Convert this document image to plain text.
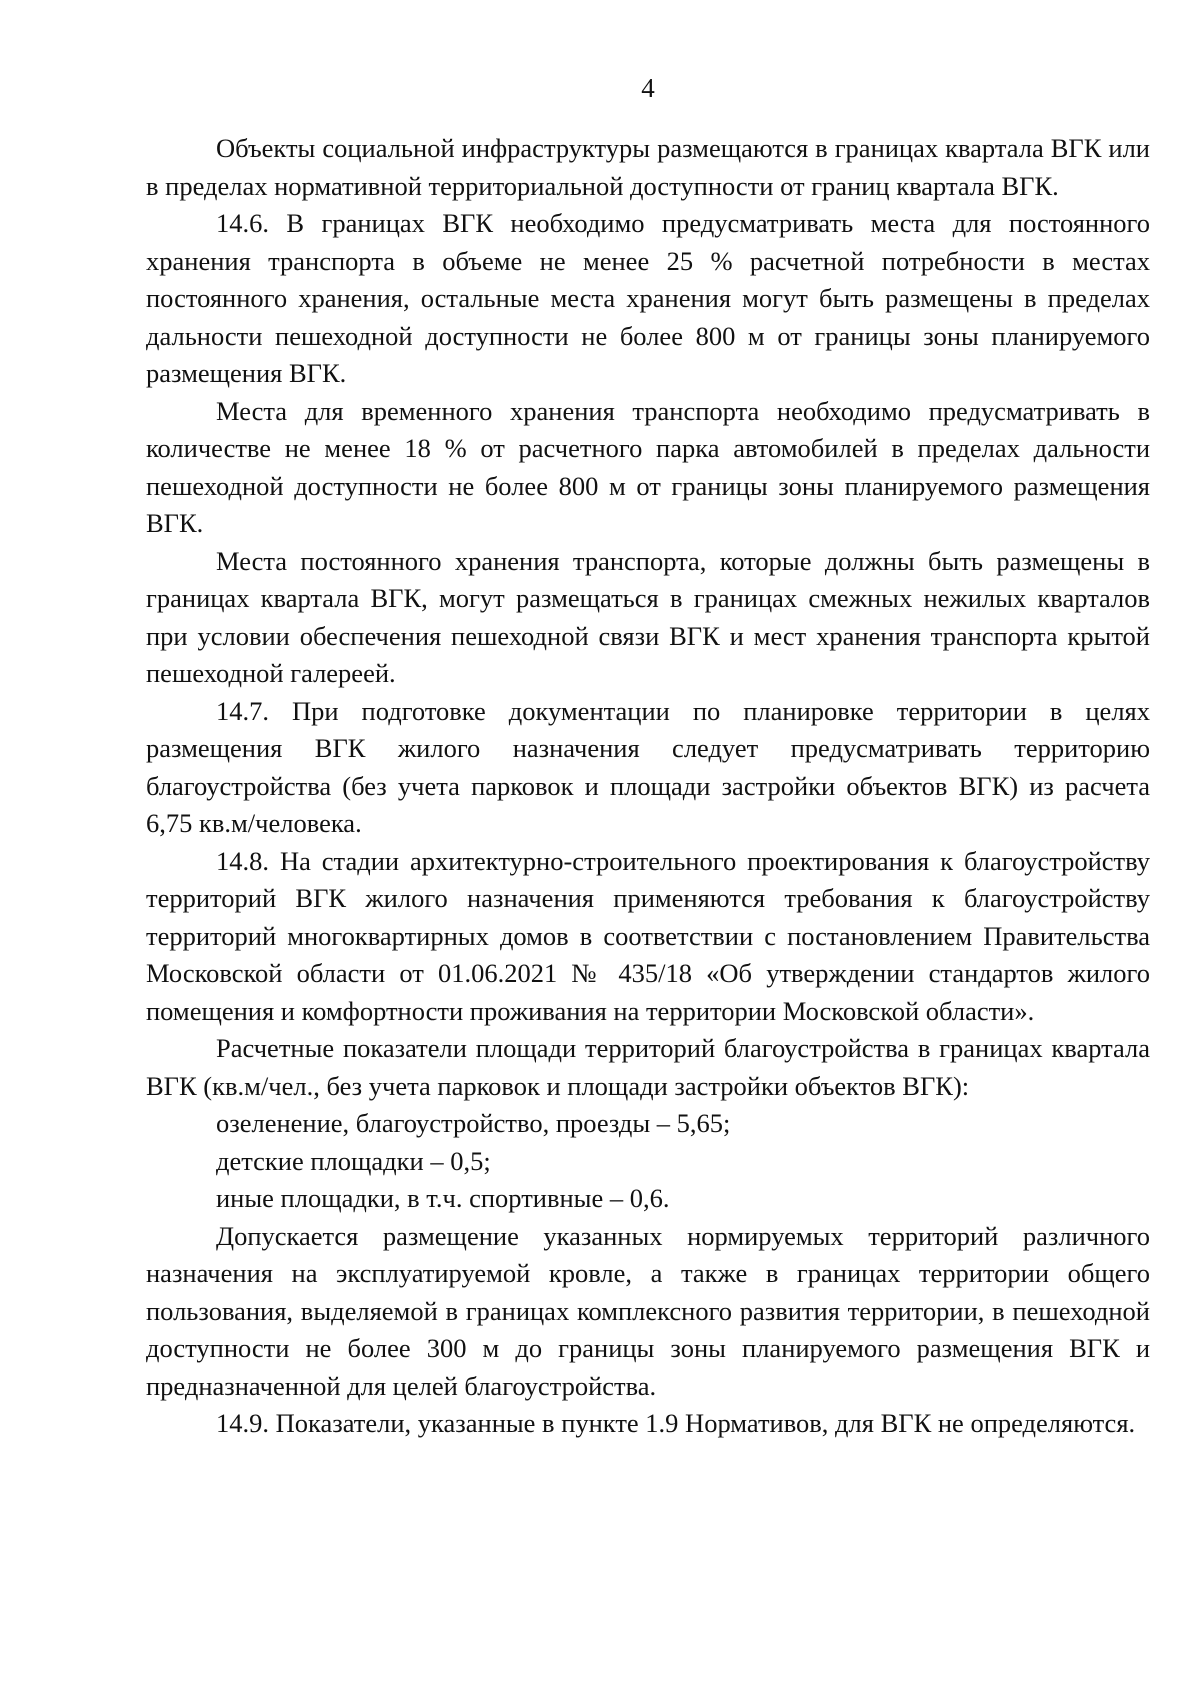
4

Объекты социальной инфраструктуры размещаются в границах квартала ВГК или в пределах нормативной территориальной доступности от границ квартала ВГК.

14.6. В границах ВГК необходимо предусматривать места для постоянного хранения транспорта в объеме не менее 25 % расчетной потребности в местах постоянного хранения, остальные места хранения могут быть размещены в пределах дальности пешеходной доступности не более 800 м от границы зоны планируемого размещения ВГК.

Места для временного хранения транспорта необходимо предусматривать в количестве не менее 18 % от расчетного парка автомобилей в пределах дальности пешеходной доступности не более 800 м от границы зоны планируемого размещения ВГК.

Места постоянного хранения транспорта, которые должны быть размещены в границах квартала ВГК, могут размещаться в границах смежных нежилых кварталов при условии обеспечения пешеходной связи ВГК и мест хранения транспорта крытой пешеходной галереей.

14.7. При подготовке документации по планировке территории в целях размещения ВГК жилого назначения следует предусматривать территорию благоустройства (без учета парковок и площади застройки объектов ВГК) из расчета 6,75 кв.м/человека.

14.8. На стадии архитектурно-строительного проектирования к благоустройству территорий ВГК жилого назначения применяются требования к благоустройству территорий многоквартирных домов в соответствии с постановлением Правительства Московской области от 01.06.2021 № 435/18 «Об утверждении стандартов жилого помещения и комфортности проживания на территории Московской области».

Расчетные показатели площади территорий благоустройства в границах квартала ВГК (кв.м/чел., без учета парковок и площади застройки объектов ВГК):

озеленение, благоустройство, проезды – 5,65;

детские площадки – 0,5;

иные площадки, в т.ч. спортивные – 0,6.

Допускается размещение указанных нормируемых территорий различного назначения на эксплуатируемой кровле, а также в границах территории общего пользования, выделяемой в границах комплексного развития территории, в пешеходной доступности не более 300 м до границы зоны планируемого размещения ВГК и предназначенной для целей благоустройства.

14.9. Показатели, указанные в пункте 1.9 Нормативов, для ВГК не определяются.
